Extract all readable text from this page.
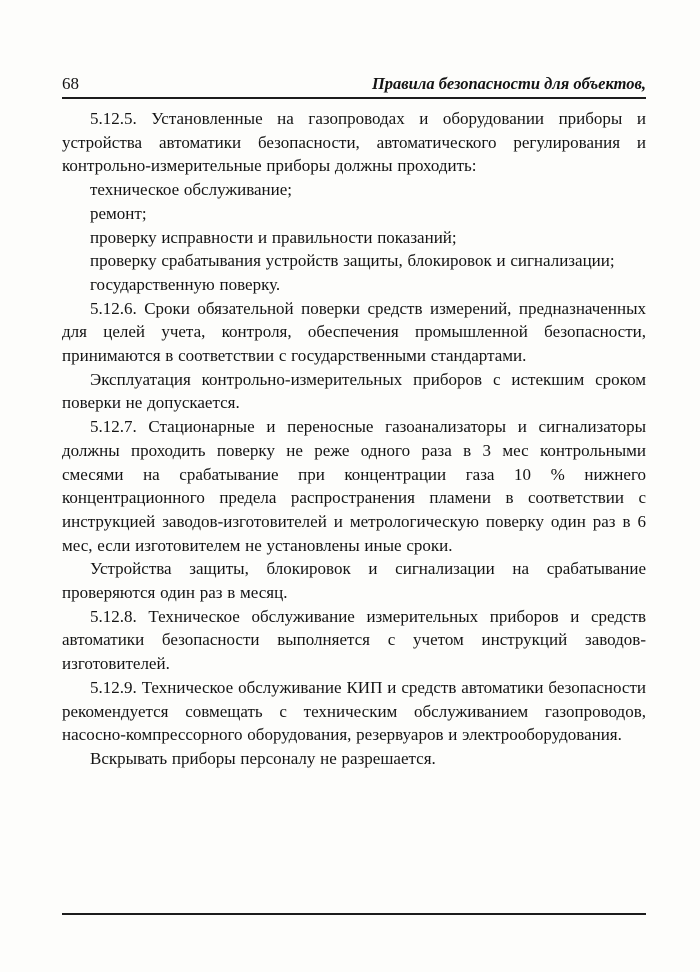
68	Правила безопасности для объектов,

5.12.5. Установленные на газопроводах и оборудовании приборы и устройства автоматики безопасности, автоматического регулирования и контрольно-измерительные приборы должны проходить:

техническое обслуживание;

ремонт;

проверку исправности и правильности показаний;

проверку срабатывания устройств защиты, блокировок и сигнализации;

государственную поверку.

5.12.6. Сроки обязательной поверки средств измерений, предназначенных для целей учета, контроля, обеспечения промышленной безопасности, принимаются в соответствии с государственными стандартами.

Эксплуатация контрольно-измерительных приборов с истекшим сроком поверки не допускается.

5.12.7. Стационарные и переносные газоанализаторы и сигнализаторы должны проходить поверку не реже одного раза в 3 мес контрольными смесями на срабатывание при концентрации газа 10 % нижнего концентрационного предела распространения пламени в соответствии с инструкцией заводов-изготовителей и метрологическую поверку один раз в 6 мес, если изготовителем не установлены иные сроки.

Устройства защиты, блокировок и сигнализации на срабатывание проверяются один раз в месяц.

5.12.8. Техническое обслуживание измерительных приборов и средств автоматики безопасности выполняется с учетом инструкций заводов-изготовителей.

5.12.9. Техническое обслуживание КИП и средств автоматики безопасности рекомендуется совмещать с техническим обслуживанием газопроводов, насосно-компрессорного оборудования, резервуаров и электрооборудования.

Вскрывать приборы персоналу не разрешается.
